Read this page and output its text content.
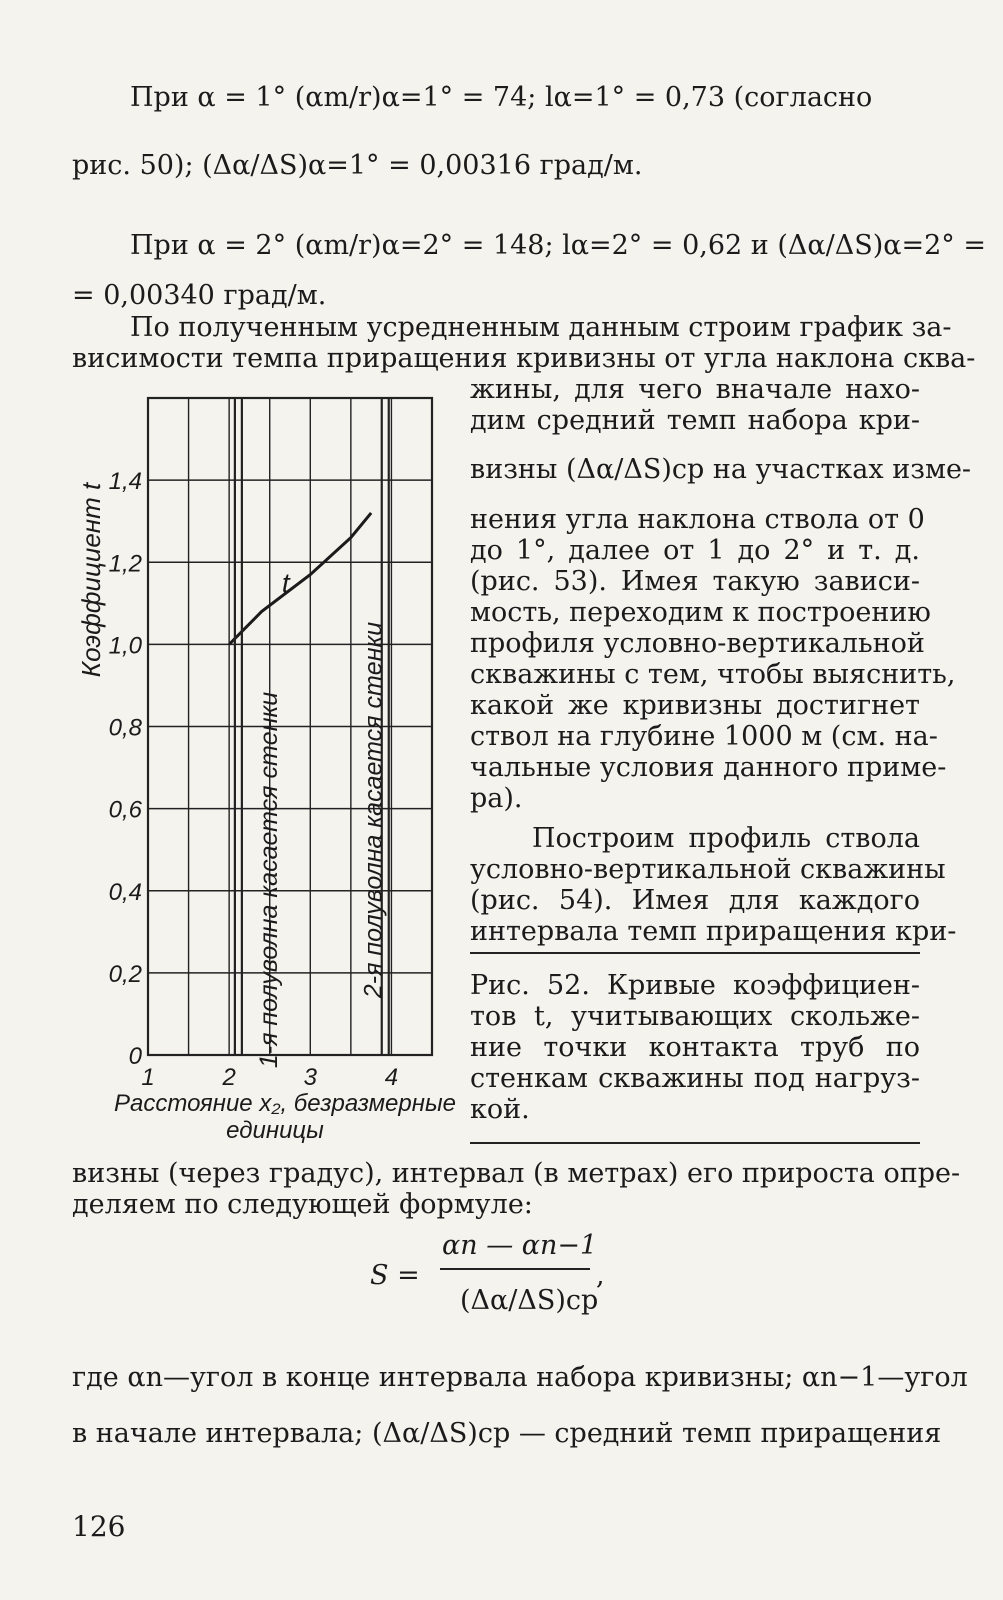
При α = 1° (αm/r)α=1° = 74; lα=1° = 0,73 (согласно
рис. 50); (Δα/ΔS)α=1° = 0,00316 град/м.
При α = 2° (αm/r)α=2° = 148; lα=2° = 0,62 и (Δα/ΔS)α=2° =
= 0,00340 град/м.
По полученным усредненным данным строим график за-
висимости темпа приращения кривизны от угла наклона сква-
жины, для чего вначале нахо-
дим средний темп набора кри-
визны (Δα/ΔS)ср на участках изме-
нения угла наклона ствола от 0
до 1°, далее от 1 до 2° и т. д.
(рис. 53). Имея такую зависи-
мость, переходим к построению
профиля условно-вертикальной
скважины с тем, чтобы выяснить,
какой же кривизны достигнет
ствол на глубине 1000 м (см. на-
чальные условия данного приме-
ра).
Построим профиль ствола
условно-вертикальной скважины
(рис. 54). Имея для каждого
интервала темп приращения кри-
Рис. 52. Кривые коэффициен-
тов t, учитывающих скольже-
ние точки контакта труб по
стенкам скважины под нагруз-
кой.
0
0,2
0,4
0,6
0,8
1,0
1,2
1,4
1	2	3	4
t
1-я полуволна касается стенки	2-я полуволна касается стенки
Коэффициент t
Расстояние x₂, безразмерные
единицы
визны (через градус), интервал (в метрах) его прироста опре-
деляем по следующей формуле:
S =
αn — αn−1
(Δα/ΔS)ср
,
где αn—угол в конце интервала набора кривизны; αn−1—угол
в начале интервала; (Δα/ΔS)ср — средний темп приращения
126
